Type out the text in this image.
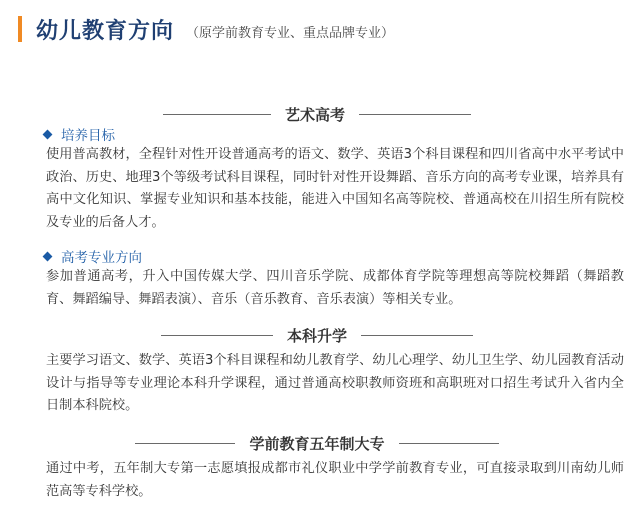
幼儿教育方向 （原学前教育专业、重点品牌专业）
艺术高考
培养目标
使用普高教材，全程针对性开设普通高考的语文、数学、英语3个科目课程和四川省高中水平考试中政治、历史、地理3个等级考试科目课程，同时针对性开设舞蹈、音乐方向的高考专业课，培养具有高中文化知识、掌握专业知识和基本技能，能进入中国知名高等院校、普通高校在川招生所有院校及专业的后备人才。
高考专业方向
参加普通高考，升入中国传媒大学、四川音乐学院、成都体育学院等理想高等院校舞蹈（舞蹈教育、舞蹈编导、舞蹈表演）、音乐（音乐教育、音乐表演）等相关专业。
本科升学
主要学习语文、数学、英语3个科目课程和幼儿教育学、幼儿心理学、幼儿卫生学、幼儿园教育活动设计与指导等专业理论本科升学课程，通过普通高校职教师资班和高职班对口招生考试升入省内全日制本科院校。
学前教育五年制大专
通过中考，五年制大专第一志愿填报成都市礼仪职业中学学前教育专业，可直接录取到川南幼儿师范高等专科学校。
